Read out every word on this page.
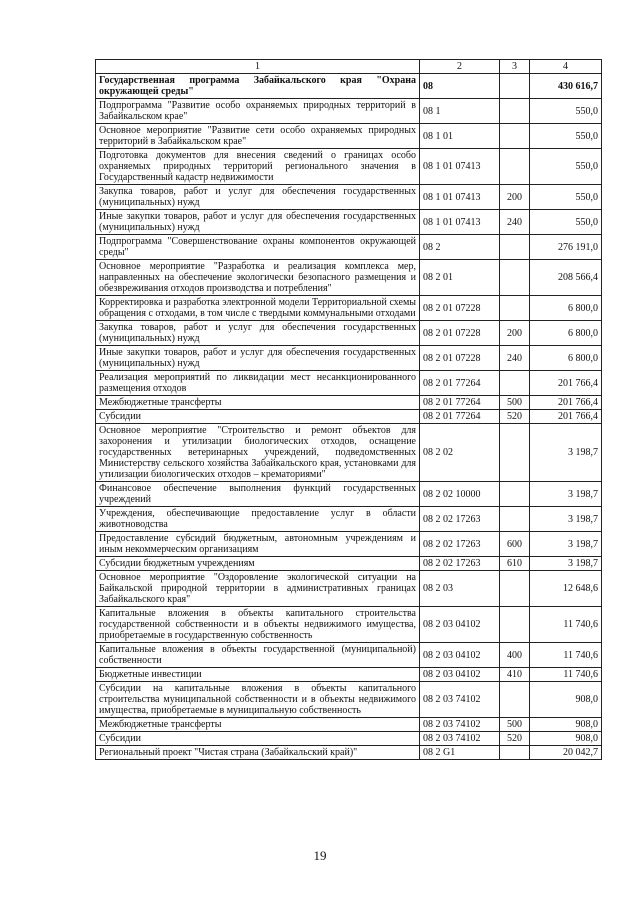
1	2	3	4
Государственная программа Забайкальского края "Охрана окружающей среды"	08		430 616,7
Подпрограмма "Развитие особо охраняемых природных территорий в Забайкальском крае"	08 1		550,0
Основное мероприятие "Развитие сети особо охраняемых природных территорий в Забайкальском крае"	08 1 01		550,0
Подготовка документов для внесения сведений о границах особо охраняемых природных территорий регионального значения в Государственный кадастр недвижимости	08 1 01 07413		550,0
Закупка товаров, работ и услуг для обеспечения государственных (муниципальных) нужд	08 1 01 07413	200	550,0
Иные закупки товаров, работ и услуг для обеспечения государственных (муниципальных) нужд	08 1 01 07413	240	550,0
Подпрограмма "Совершенствование охраны компонентов окружающей среды"	08 2		276 191,0
Основное мероприятие "Разработка и реализация комплекса мер, направленных на обеспечение экологически безопасного размещения и обезвреживания отходов производства и потребления"	08 2 01		208 566,4
Корректировка и разработка электронной модели Территориальной схемы обращения с отходами, в том числе с твердыми коммунальными отходами	08 2 01 07228		6 800,0
Закупка товаров, работ и услуг для обеспечения государственных (муниципальных) нужд	08 2 01 07228	200	6 800,0
Иные закупки товаров, работ и услуг для обеспечения государственных (муниципальных) нужд	08 2 01 07228	240	6 800,0
Реализация мероприятий по ликвидации мест несанкционированного размещения отходов	08 2 01 77264		201 766,4
Межбюджетные трансферты	08 2 01 77264	500	201 766,4
Субсидии	08 2 01 77264	520	201 766,4
Основное мероприятие "Строительство и ремонт объектов для захоронения и утилизации биологических отходов, оснащение государственных ветеринарных учреждений, подведомственных Министерству сельского хозяйства Забайкальского края, установками для утилизации биологических отходов – крематориями"	08 2 02		3 198,7
Финансовое обеспечение выполнения функций государственных учреждений	08 2 02 10000		3 198,7
Учреждения, обеспечивающие предоставление услуг в области животноводства	08 2 02 17263		3 198,7
Предоставление субсидий бюджетным, автономным учреждениям и иным некоммерческим организациям	08 2 02 17263	600	3 198,7
Субсидии бюджетным учреждениям	08 2 02 17263	610	3 198,7
Основное мероприятие "Оздоровление экологической ситуации на Байкальской природной территории в административных границах Забайкальского края"	08 2 03		12 648,6
Капитальные вложения в объекты капитального строительства государственной собственности и в объекты недвижимого имущества, приобретаемые в государственную собственность	08 2 03 04102		11 740,6
Капитальные вложения в объекты государственной (муниципальной) собственности	08 2 03 04102	400	11 740,6
Бюджетные инвестиции	08 2 03 04102	410	11 740,6
Субсидии на капитальные вложения в объекты капитального строительства муниципальной собственности и в объекты недвижимого имущества, приобретаемые в муниципальную собственность	08 2 03 74102		908,0
Межбюджетные трансферты	08 2 03 74102	500	908,0
Субсидии	08 2 03 74102	520	908,0
Региональный проект "Чистая страна (Забайкальский край)"	08 2 G1		20 042,7
19
